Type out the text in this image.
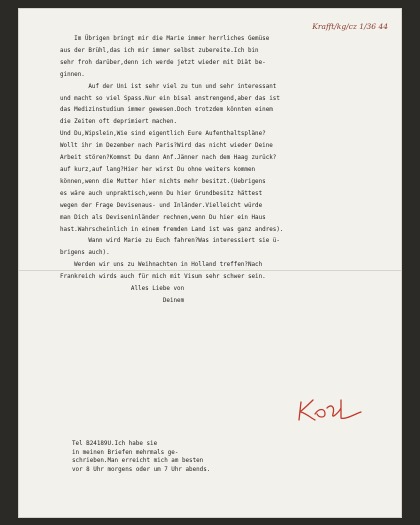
Krafft/kg/cz 1/36 44
Im Übrigen bringt mir die Marie immer herrliches Gemüse
aus der Brühl,das ich mir immer selbst zubereite.Ich bin
sehr froh darüber,denn ich werde jetzt wieder mit Diät be-
ginnen.
Auf der Uni ist sehr viel zu tun und sehr interessant
und macht so viel Spass.Nur ein bisal anstrengend,aber das ist
das Medizinstudium immer gewesen.Doch trotzdem könnten einem
die Zeiten oft deprimiert machen.
Und Du,Wipslein,Wie sind eigentlich Eure Aufenthaltspläne?
Wollt ihr im Dezember nach Paris?Wird das nicht wieder Deine
Arbeit stören?Kommst Du dann Anf.Jänner nach dem Haag zurück?
auf kurz,auf lang?Hier her wirst Du ohne weiters kommen
können,wenn die Mutter hier nichts mehr besitzt.(Uebrigens
es wäre auch unpraktisch,wenn Du hier Grundbesitz hättest
wegen der Frage Devisenaus- und Inländer.Vielleicht würde
man Dich als Deviseninländer rechnen,wenn Du hier ein Haus
hast.Wahrscheinlich in einem fremden Land ist was ganz andres).
Wann wird Marie zu Euch fahren?Was interessiert sie ü-
brigens auch).
Werden wir uns zu Weihnachten in Holland treffen?Nach
Frankreich wirds auch für mich mit Visum sehr schwer sein.
Alles Liebe von
Deinem
Tel B24189U.Ich habe sie
in meinen Briefen mehrmals ge-
schrieben.Man erreicht mich am besten
vor 8 Uhr morgens oder um 7 Uhr abends.
